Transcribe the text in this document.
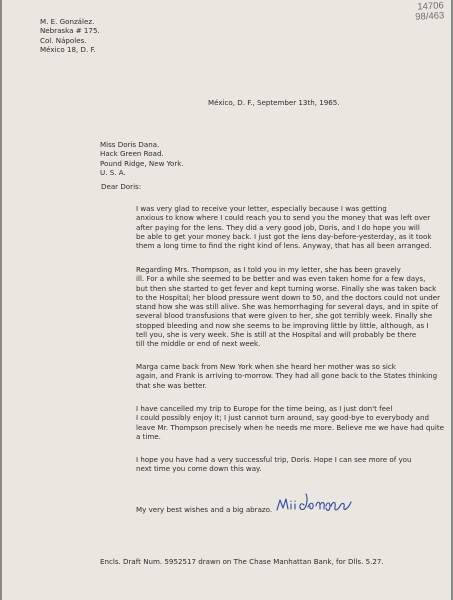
14706
98/463
M. E. González.
Nebraska # 175.
Col. Nápoles.
México 18, D. F.
México, D. F., September 13th, 1965.
Miss Doris Dana.
Hack Green Road.
Pound Ridge, New York.
U. S. A.
Dear Doris:

I was very glad to receive your letter, especially because I was getting
anxious to know where I could reach you to send you the money that was left over
after paying for the lens. They did a very good job, Doris, and I do hope you will
be able to get your money back. I just got the lens day-before-yesterday, as it took
them a long time to find the right kind of lens. Anyway, that has all been arranged.

Regarding Mrs. Thompson, as I told you in my letter, she has been gravely
ill. For a while she seemed to be better and was even taken home for a few days,
but then she started to get fever and kept turning worse. Finally she was taken back
to the Hospital; her blood pressure went down to 50, and the doctors could not under
stand how she was still alive. She was hemorrhaging for several days, and in spite of
several blood transfusions that were given to her, she got terribly week. Finally she
stopped bleeding and now she seems to be improving little by little, although, as I
tell you, she is very week. She is still at the Hospital and will probably be there
till the middle or end of next week.

Marga came back from New York when she heard her mother was so sick
again, and Frank is arriving to-morrow. They had all gone back to the States thinking
that she was better.

I have cancelled my trip to Europe for the time being, as I just don't feel
I could possibly enjoy it; I just cannot turn around, say good-bye to everybody and
leave Mr. Thompson precisely when he needs me more. Believe me we have had quite
a time.

I hope you have had a very successful trip, Doris. Hope I can see more of you
next time you come down this way.

My very best wishes and a big abrazo.
Encls. Draft Num. 5952517 drawn on The Chase Manhattan Bank, for Dlls. 5.27.
